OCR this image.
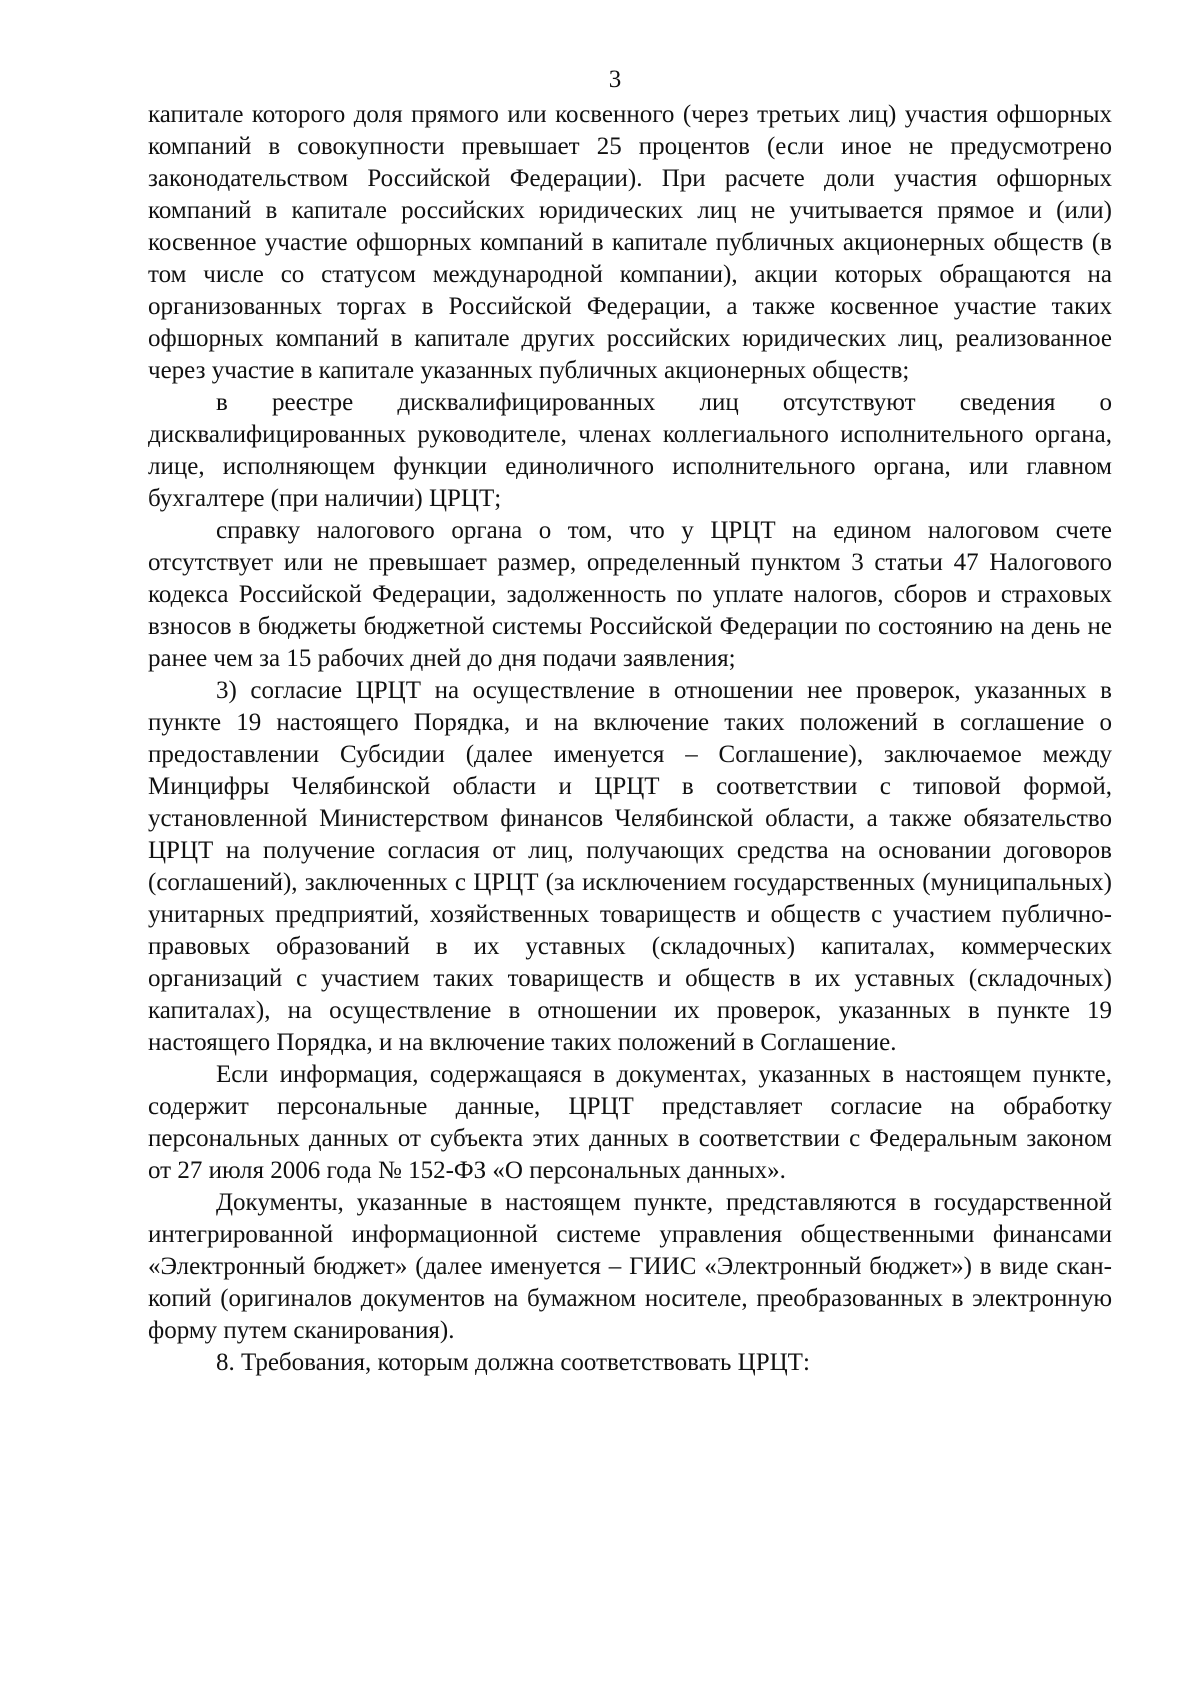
3

капитале которого доля прямого или косвенного (через третьих лиц) участия офшорных компаний в совокупности превышает 25 процентов (если иное не предусмотрено законодательством Российской Федерации). При расчете доли участия офшорных компаний в капитале российских юридических лиц не учитывается прямое и (или) косвенное участие офшорных компаний в капитале публичных акционерных обществ (в том числе со статусом международной компании), акции которых обращаются на организованных торгах в Российской Федерации, а также косвенное участие таких офшорных компаний в капитале других российских юридических лиц, реализованное через участие в капитале указанных публичных акционерных обществ;

в реестре дисквалифицированных лиц отсутствуют сведения о дисквалифицированных руководителе, членах коллегиального исполнительного органа, лице, исполняющем функции единоличного исполнительного органа, или главном бухгалтере (при наличии) ЦРЦТ;

справку налогового органа о том, что у ЦРЦТ на едином налоговом счете отсутствует или не превышает размер, определенный пунктом 3 статьи 47 Налогового кодекса Российской Федерации, задолженность по уплате налогов, сборов и страховых взносов в бюджеты бюджетной системы Российской Федерации по состоянию на день не ранее чем за 15 рабочих дней до дня подачи заявления;

3) согласие ЦРЦТ на осуществление в отношении нее проверок, указанных в пункте 19 настоящего Порядка, и на включение таких положений в соглашение о предоставлении Субсидии (далее именуется – Соглашение), заключаемое между Минцифры Челябинской области и ЦРЦТ в соответствии с типовой формой, установленной Министерством финансов Челябинской области, а также обязательство ЦРЦТ на получение согласия от лиц, получающих средства на основании договоров (соглашений), заключенных с ЦРЦТ (за исключением государственных (муниципальных) унитарных предприятий, хозяйственных товариществ и обществ с участием публично-правовых образований в их уставных (складочных) капиталах, коммерческих организаций с участием таких товариществ и обществ в их уставных (складочных) капиталах), на осуществление в отношении их проверок, указанных в пункте 19 настоящего Порядка, и на включение таких положений в Соглашение.

Если информация, содержащаяся в документах, указанных в настоящем пункте, содержит персональные данные, ЦРЦТ представляет согласие на обработку персональных данных от субъекта этих данных в соответствии с Федеральным законом от 27 июля 2006 года № 152-ФЗ «О персональных данных».

Документы, указанные в настоящем пункте, представляются в государственной интегрированной информационной системе управления общественными финансами «Электронный бюджет» (далее именуется – ГИИС «Электронный бюджет») в виде скан-копий (оригиналов документов на бумажном носителе, преобразованных в электронную форму путем сканирования).

8. Требования, которым должна соответствовать ЦРЦТ:
